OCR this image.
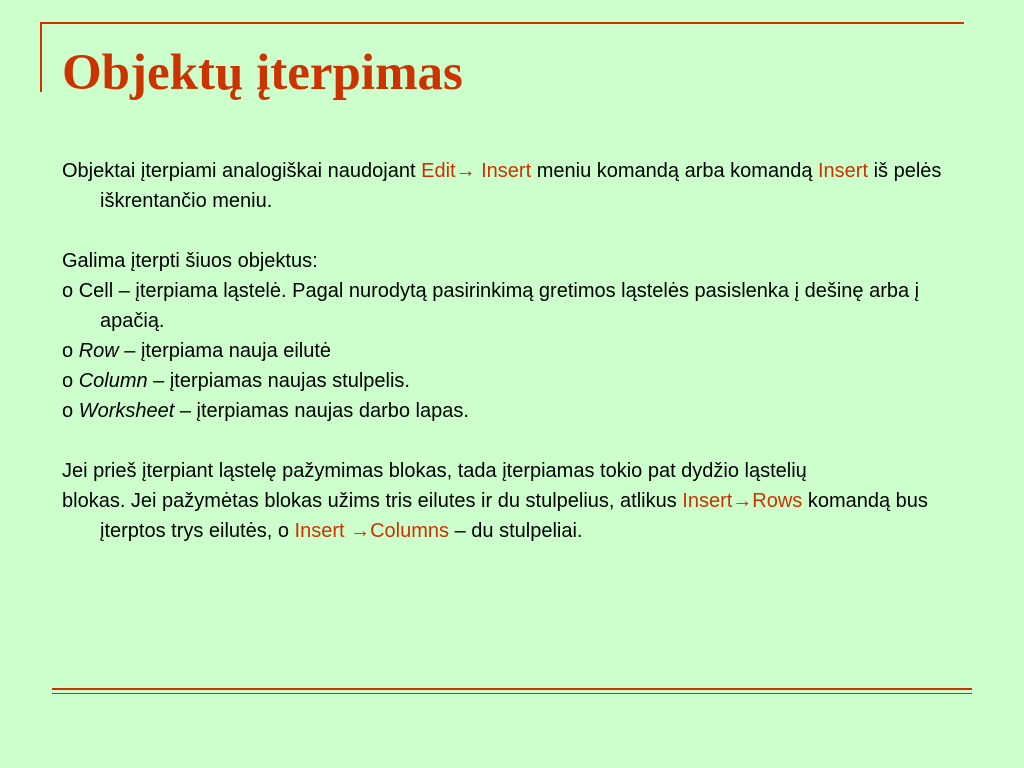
Objektų įterpimas

Objektai įterpiami analogiškai naudojant Edit→ Insert meniu komandą arba komandą Insert iš pelės iškrentančio meniu.

Galima įterpti šiuos objektus:

o Cell – įterpiama ląstelė. Pagal nurodytą pasirinkimą gretimos ląstelės pasislenka į dešinę arba į apačią.

o Row – įterpiama nauja eilutė

o Column – įterpiamas naujas stulpelis.

o Worksheet – įterpiamas naujas darbo lapas.

Jei prieš įterpiant ląstelę pažymimas blokas, tada įterpiamas tokio pat dydžio ląstelių

blokas. Jei pažymėtas blokas užims tris eilutes ir du stulpelius, atlikus Insert→Rows komandą bus įterptos trys eilutės, o Insert →Columns – du stulpeliai.
